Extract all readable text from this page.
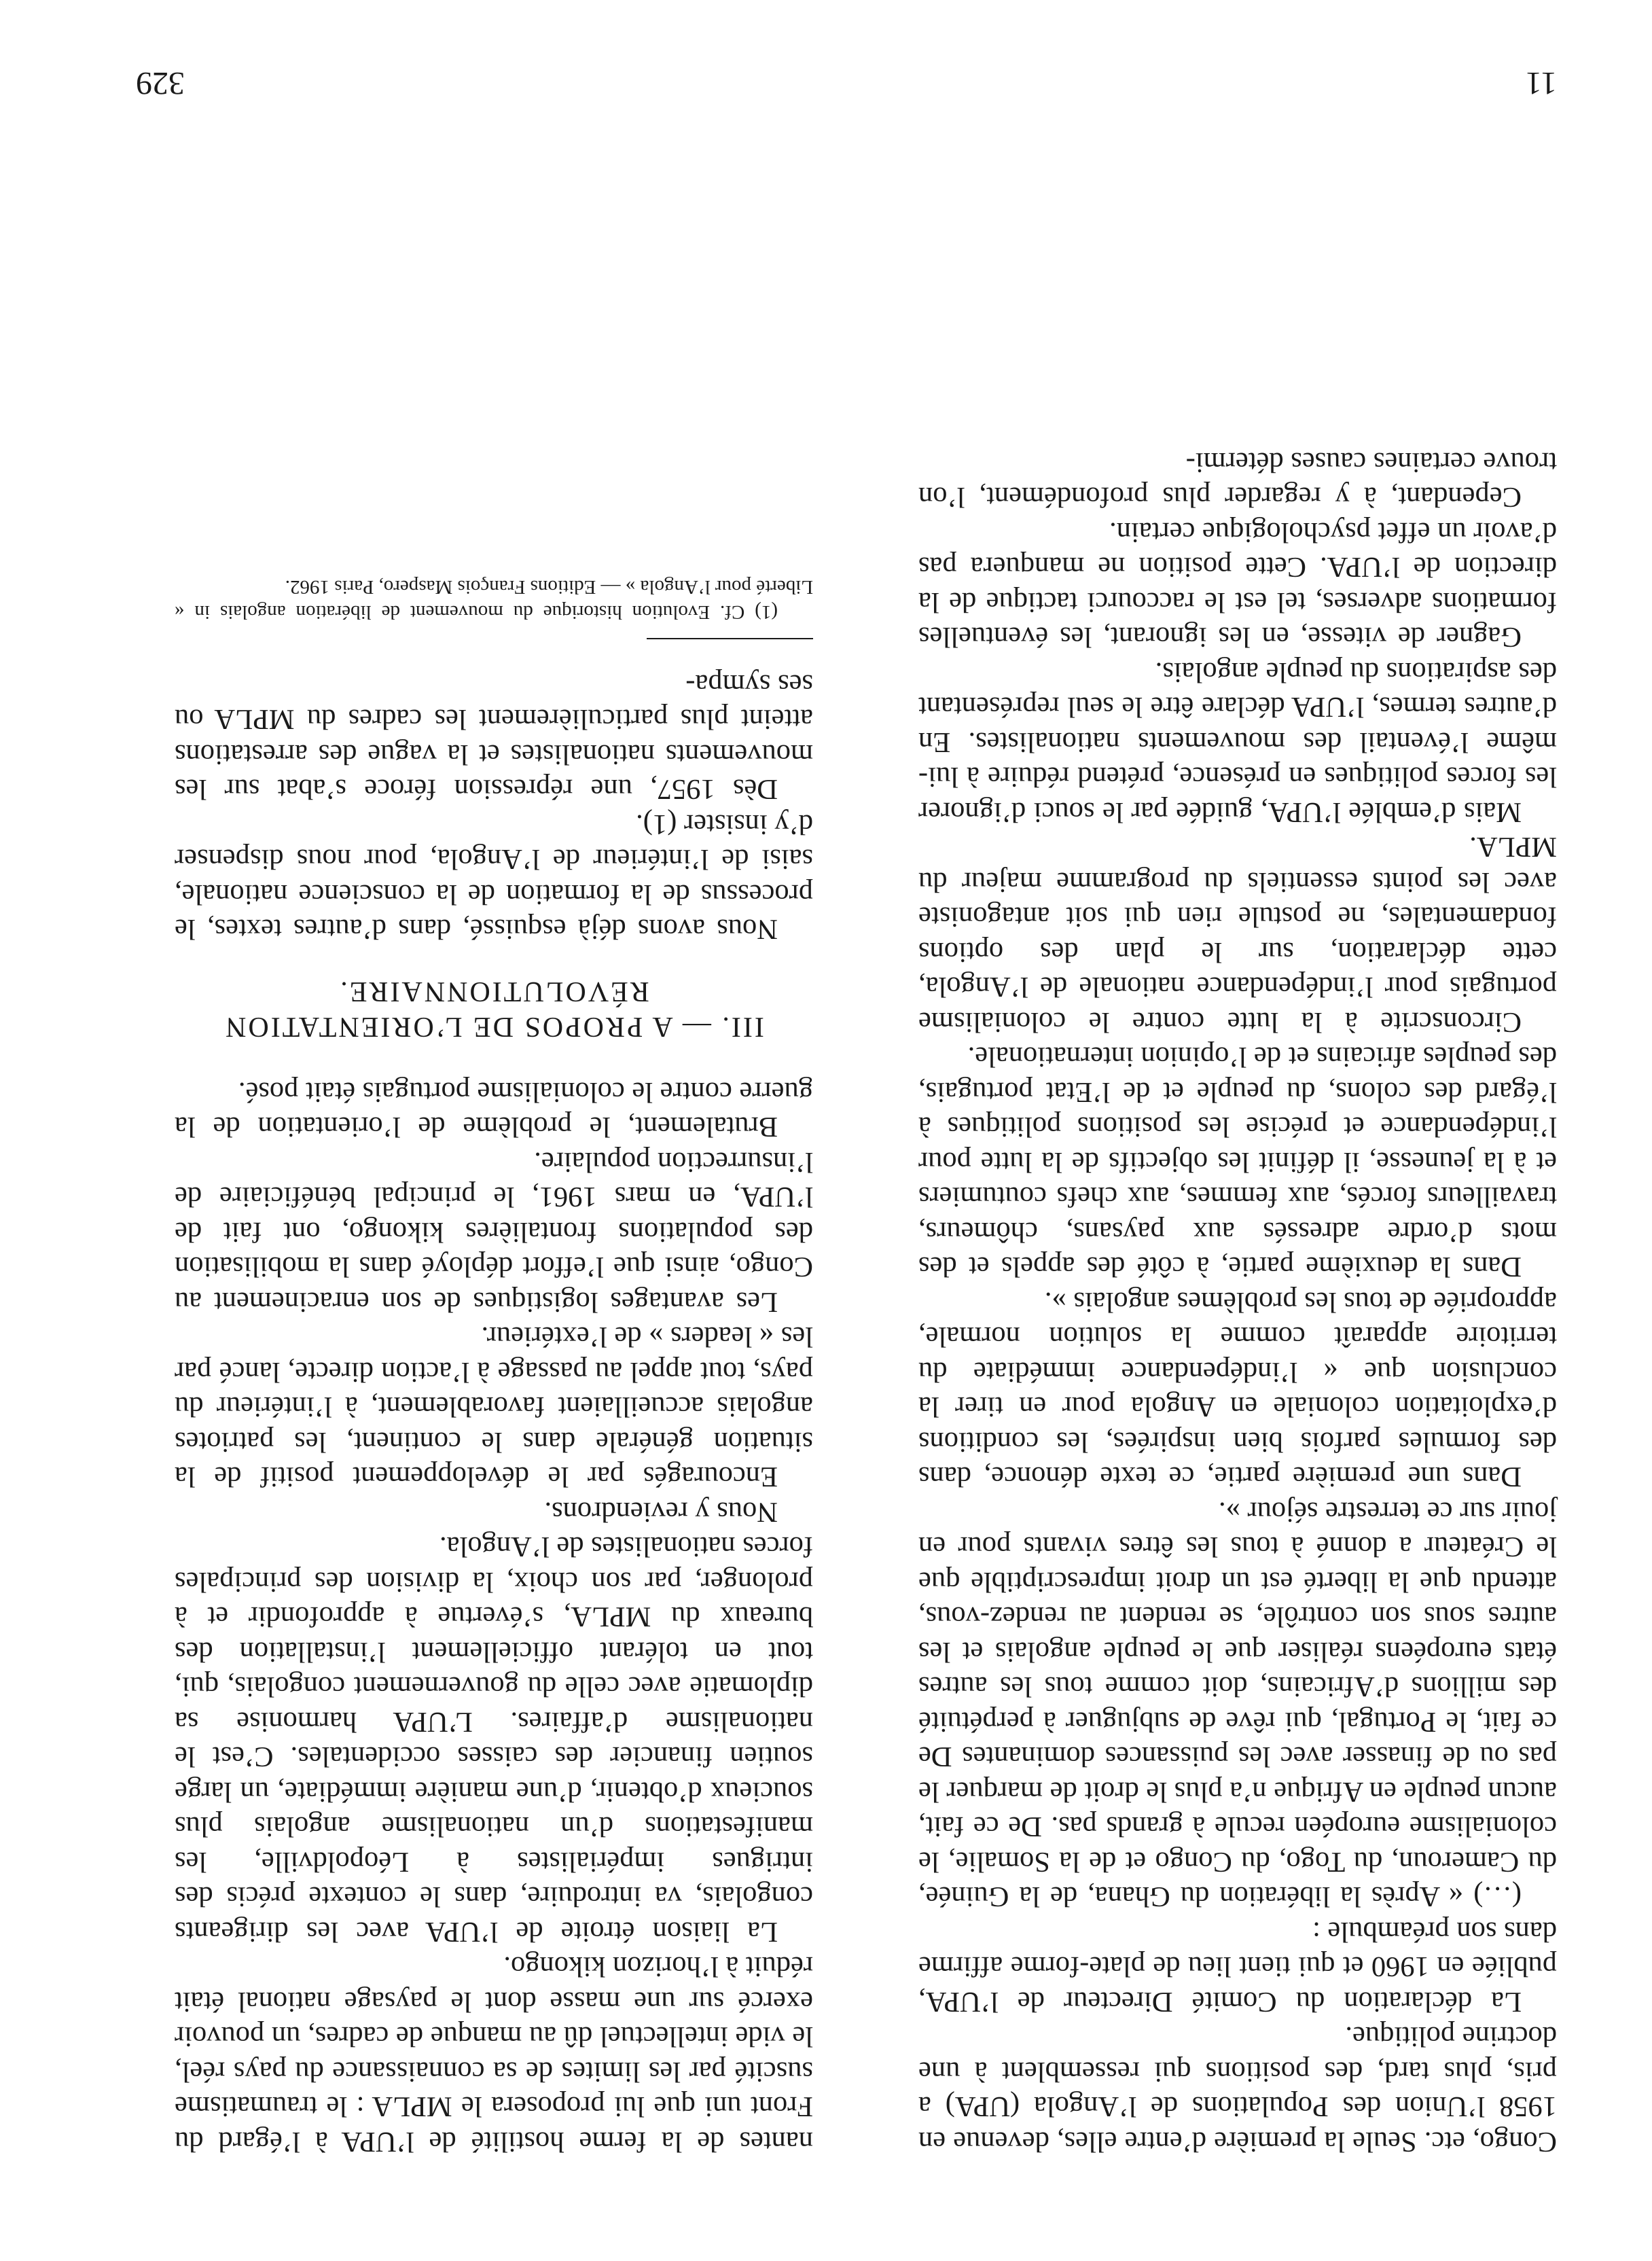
Congo, etc. Seule la première d’entre elles, devenue en 1958 l’Union des Populations de l’Angola (UPA) a pris, plus tard, des positions qui ressemblent à une doctrine politique.

La déclaration du Comité Directeur de l’UPA, publiée en 1960 et qui tient lieu de plate-forme affirme dans son préambule :

(…) « Après la libération du Ghana, de la Guinée, du Cameroun, du Togo, du Congo et de la Somalie, le colonialisme européen recule à grands pas. De ce fait, aucun peuple en Afrique n’a plus le droit de marquer le pas ou de finasser avec les puissances dominantes De ce fait, le Portugal, qui rêve de subjuguer à perpétuité des millions d’Africains, doit comme tous les autres états européens réaliser que le peuple angolais et les autres sous son contrôle, se rendent au rendez-vous, attendu que la liberté est un droit imprescriptible que le Créateur a donné à tous les êtres vivants pour en jouir sur ce terrestre séjour ».

Dans une première partie, ce texte dénonce, dans des formules parfois bien inspirées, les conditions d’exploitation coloniale en Angola pour en tirer la conclusion que « l’indépendance immédiate du territoire apparaît comme la solution normale, appropriée de tous les problèmes angolais ».

Dans la deuxième partie, à côté des appels et des mots d’ordre adressés aux paysans, chômeurs, travailleurs forcés, aux femmes, aux chefs coutumiers et à la jeunesse, il définit les objectifs de la lutte pour l’indépendance et précise les positions politiques à l’égard des colons, du peuple et de l’Etat portugais, des peuples africains et de l’opinion internationale.

Circonscrite à la lutte contre le colonialisme portugais pour l’indépendance nationale de l’Angola, cette déclaration, sur le plan des options fondamentales, ne postule rien qui soit antagoniste avec les points essentiels du programme majeur du MPLA.

Mais d’emblée l’UPA, guidée par le souci d’ignorer les forces politiques en présence, prétend réduire à lui-même l’éventail des mouvements nationalistes. En d’autres termes, l’UPA déclare être le seul représentant des aspirations du peuple angolais.

Gagner de vitesse, en les ignorant, les éventuelles formations adverses, tel est le raccourci tactique de la direction de l’UPA. Cette position ne manquera pas d’avoir un effet psychologique certain.

Cependant, à y regarder plus profondément, l’on trouve certaines causes détermi-

nantes de la ferme hostilité de l’UPA à l’égard du Front uni que lui proposera le MPLA : le traumatisme suscité par les limites de sa connaissance du pays réel, le vide intellectuel dû au manque de cadres, un pouvoir exercé sur une masse dont le paysage national était réduit à l’horizon kikongo.

La liaison étroite de l’UPA avec les dirigeants congolais, va introduire, dans le contexte précis des intrigues impérialistes à Léopoldville, les manifestations d’un nationalisme angolais plus soucieux d’obtenir, d’une manière immédiate, un large soutien financier des caisses occidentales. C’est le nationalisme d’affaires. L’UPA harmonise sa diplomatie avec celle du gouvernement congolais, qui, tout en tolérant officiellement l’installation des bureaux du MPLA, s’évertue à approfondir et à prolonger, par son choix, la division des principales forces nationalistes de l’Angola.

Nous y reviendrons.

Encouragés par le développement positif de la situation générale dans le continent, les patriotes angolais accueillaient favorablement, à l’intérieur du pays, tout appel au passage à l’action directe, lancé par les « leaders » de l’extérieur.

Les avantages logistiques de son enracinement au Congo, ainsi que l’effort déployé dans la mobilisation des populations frontalières kikongo, ont fait de l’UPA, en mars 1961, le principal bénéficiaire de l’insurrection populaire.

Brutalement, le problème de l’orientation de la guerre contre le colonialisme portugais était posé.

III. — A PROPOS DE L’ORIENTATION RÉVOLUTIONNAIRE.

Nous avons déjà esquissé, dans d’autres textes, le processus de la formation de la conscience nationale, saisi de l’intérieur de l’Angola, pour nous dispenser d’y insister (1).

Dès 1957, une répression féroce s’abat sur les mouvements nationalistes et la vague des arrestations atteint plus particulièrement les cadres du MPLA ou ses sympa-

(1) Cf. Evolution historique du mouvement de libération angolais in « Liberté pour l’Angola » — Editions François Maspero, Paris 1962.

11
329
